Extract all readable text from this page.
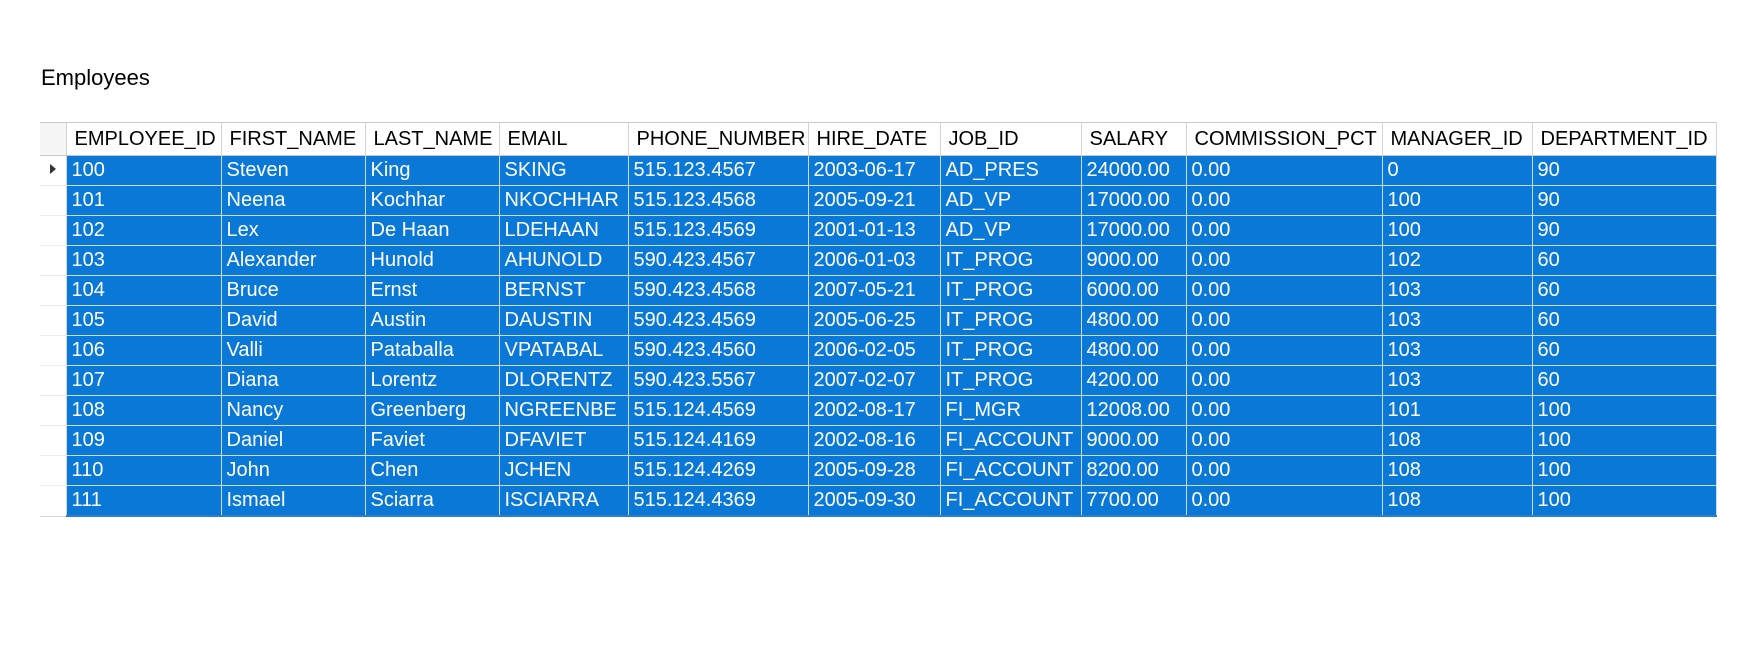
Employees
	EMPLOYEE_ID	FIRST_NAME	LAST_NAME	EMAIL	PHONE_NUMBER	HIRE_DATE	JOB_ID	SALARY	COMMISSION_PCT	MANAGER_ID	DEPARTMENT_ID
	100	Steven	King	SKING	515.123.4567	2003-06-17	AD_PRES	24000.00	0.00	0	90
	101	Neena	Kochhar	NKOCHHAR	515.123.4568	2005-09-21	AD_VP	17000.00	0.00	100	90
	102	Lex	De Haan	LDEHAAN	515.123.4569	2001-01-13	AD_VP	17000.00	0.00	100	90
	103	Alexander	Hunold	AHUNOLD	590.423.4567	2006-01-03	IT_PROG	9000.00	0.00	102	60
	104	Bruce	Ernst	BERNST	590.423.4568	2007-05-21	IT_PROG	6000.00	0.00	103	60
	105	David	Austin	DAUSTIN	590.423.4569	2005-06-25	IT_PROG	4800.00	0.00	103	60
	106	Valli	Pataballa	VPATABAL	590.423.4560	2006-02-05	IT_PROG	4800.00	0.00	103	60
	107	Diana	Lorentz	DLORENTZ	590.423.5567	2007-02-07	IT_PROG	4200.00	0.00	103	60
	108	Nancy	Greenberg	NGREENBE	515.124.4569	2002-08-17	FI_MGR	12008.00	0.00	101	100
	109	Daniel	Faviet	DFAVIET	515.124.4169	2002-08-16	FI_ACCOUNT	9000.00	0.00	108	100
	110	John	Chen	JCHEN	515.124.4269	2005-09-28	FI_ACCOUNT	8200.00	0.00	108	100
	111	Ismael	Sciarra	ISCIARRA	515.124.4369	2005-09-30	FI_ACCOUNT	7700.00	0.00	108	100
